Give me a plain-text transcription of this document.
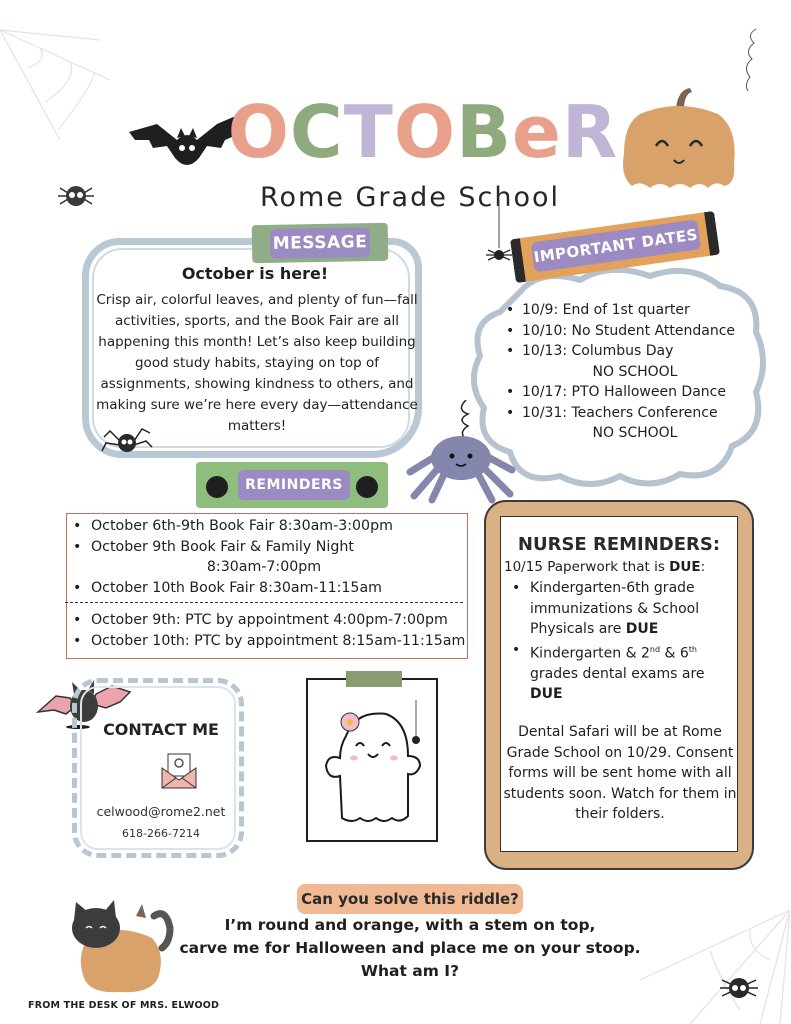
O C T O B e R
Rome Grade School
MESSAGE
October is here!
Crisp air, colorful leaves, and plenty of fun—fall activities, sports, and the Book Fair are all happening this month! Let’s also keep building good study habits, staying on top of assignments, showing kindness to others, and making sure we’re here every day—attendance matters!
IMPORTANT DATES
• 10/9: End of 1st quarter
• 10/10: No Student Attendance
• 10/13: Columbus Day
NO SCHOOL
• 10/17: PTO Halloween Dance
• 10/31: Teachers Conference
NO SCHOOL
REMINDERS
• October 6th-9th Book Fair 8:30am-3:00pm
• October 9th Book Fair & Family Night
8:30am-7:00pm
• October 10th Book Fair 8:30am-11:15am
• October 9th: PTC by appointment 4:00pm-7:00pm
• October 10th: PTC by appointment 8:15am-11:15am
NURSE REMINDERS:
10/15 Paperwork that is DUE:
• Kindergarten-6th grade immunizations & School Physicals are DUE
• Kindergarten & 2nd & 6th grades dental exams are
DUE
Dental Safari will be at Rome Grade School on 10/29. Consent forms will be sent home with all students soon. Watch for them in their folders.
CONTACT ME
celwood@rome2.net
618-266-7214
Can you solve this riddle?
I’m round and orange, with a stem on top,
carve me for Halloween and place me on your stoop.
What am I?
FROM THE DESK OF MRS. ELWOOD
